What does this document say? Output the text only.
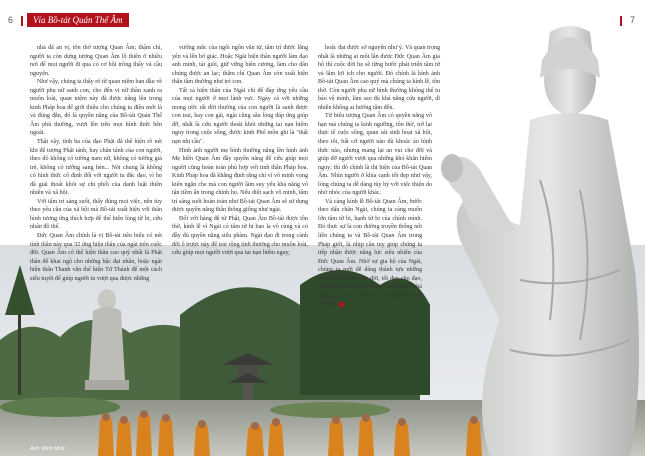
6	Vía Bồ-tát Quán Thế Âm	7

nhà đã an vị, tôn thờ tượng Quan Âm; thậm chí, người ta còn dựng tượng Quan Âm lộ thiên ở nhiều nơi để mọi người đi qua có cơ hội trông thấy và cầu nguyện.

Như vậy, chúng ta thấy rõ từ quan niệm ban đầu về người phụ nữ sanh con, cho đến vị nữ thần xanh ra muôn loài, quan niệm này đã được nâng lên trong kinh Pháp hoa để giới thiệu cho chúng ta điều mới là và đúng đắn, đó là quyền năng của Bồ-tát Quán Thế Âm phù thường, vượt lên trên mọi hình thức bên ngoài.

Thật vậy, tính ba của đạo Phật đã thể hiện rõ nét khi để tượng Phật tánh, hay chân tánh của con người, theo đó không có tướng nam nữ, không có tướng già trẻ, không có tướng sang hèn... Nói chung là không có hình thức cố định đối với người tu đắc đạo, vì họ đã giải thoát khỏi sự chi phối của danh luật thiên nhiên và xã hội.

Với tâm trí sáng suốt, thấy đúng mọi việc, nên tùy theo yêu cầu của xã hội mà Bồ-tát xuất hiện với thân hình tương ứng thích hợp để thể hiện lòng từ bi, cứu nhân độ thế.

Đức Quan Âm chính là vị Bồ-tát tiêu biểu có nét tính thần này qua 32 ứng hiện thân của ngài trên cuộc đời. Quan Âm có thể hiện thân cao quý nhất là Phật thân để khai ngộ cho những bậc đại nhân, hoặc ngài hiện thân Thanh văn thể hiện Tứ Thánh đế một cách siêu tuyệt để giúp người tu vượt qua được những

vướng mắc của ngôi ngôn văn tự, tâm trí được lắng yên và lên bờ giác. Hoặc Ngài hiện thân người làm đạo anh minh, tài giỏi, giữ vững biên cương, làm cho dân chúng được an lạc; thậm chí Quan Âm còn xuất hiện thân tầm thường như trẻ con.

Tất cả hiện thân của Ngài chỉ để đáp ứng yêu cầu của mọi người ở mọi lãnh vực. Ngày cả với những mong ước rất đời thường của con người là sanh được con trai, hay con gái, ngài cũng sẵn lòng đáp ứng giúp đỡ, nhất là cứu người thoát khỏi những tai nạn hiểm nguy trong cuộc sống, được kinh Phổ môn ghi là "thất nạn nhị cầu".

Hình ảnh người mẹ bình thường nâng lên hình ảnh Mẹ hiền Quan Âm đầy quyền năng để cứu giúp mọi người cũng hoàn toàn phù hợp với tinh thần Pháp hoa. Kinh Pháp hoa đã khẳng định rằng chỉ vì vô minh vọng kiến ngăn che mà con người làm suy yếu khả năng vô tận tiềm ẩn trong chính họ. Nếu diệt sạch vô minh, tâm trí sáng suốt hoàn toàn như Bồ-tát Quan Âm sẽ sử dụng được quyền năng thần thông giống như ngài.

Đối với hàng đệ tử Phật, Quan Âm Bồ-tát được tôn thờ, kính lễ vì Ngài có tâm từ bi bao la vô cùng và có đầy đủ quyền năng siêu phàm. Ngài đạo đi trong cảnh đời ô trược này để trải rộng tình thương cho muôn loài, cứu giúp mọi người vượt qua tai nạn hiểm nguy,

hoặc đạt được sở nguyện như ý. Và quan trọng nhất là những ai một lần được Đức Quan Âm gia hộ thì cuộc đời họ sẽ từng bước phát triển tâm từ và lâm lợi ích cho người. Đó chính là hình ảnh Bồ-tát Quan Âm cao quý mà chúng ta kính lễ, tôn thờ. Còn người phụ nữ bình thường không thể tu bảo vệ mình, làm sao đủ khả năng cứu người, dĩ nhiên không ai hướng tâm đến.

Từ biểu tượng Quan Âm có quyền năng vô hạn mà chúng ta kính ngưỡng, tôn thờ, trở lại thực tế cuộc sống, quan sát sinh hoạt xã hội, theo tôi, bất cứ người nào dù khoác áo hình thức nào, nhưng mang lại an vui cho đời và giúp đỡ người vượt qua những khó khăn hiểm nguy; thì đó chính là thị hiện của Bồ-tát Quan Âm. Nhìn người ở khía cạnh tốt đẹp như vậy, lòng chúng ta dễ dàng tùy hỷ với việc thiện do nhờ nhóc của người khác.

Và càng kính lễ Bồ-tát Quan Âm, bước theo dấu chân Ngài, chúng ta càng muốn lớn tâm từ bi, hạnh từ bi của chính mình. Đó thực sự là con đường truyền thống nối liền chúng ta và Bồ-tát Quan Âm trong Pháp giới, là nhịp cầu tuy giúp chúng ta tiếp nhận được năng lực siêu nhiên của Đức Quan Âm. Nhờ sự gia hộ của Ngài, chúng ta mới dễ dàng thành tựu những việc làm lợi ích cho đời, tốt đẹp cho đạo, những việc thực khó khăn vượt ngoài khả năng và suy nghĩ của con người bình thường.

Ảnh: Minh Nhật
